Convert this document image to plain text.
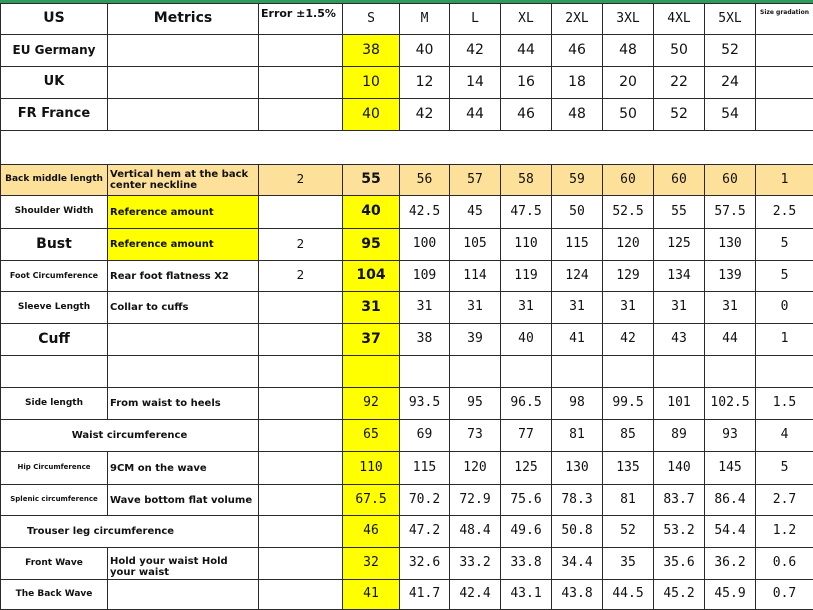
US	Metrics	Error ±1.5%	S	M	L	XL	2XL	3XL	4XL	5XL	Size gradation
EU Germany			38	40	42	44	46	48	50	52	
UK			10	12	14	16	18	20	22	24	
FR France			40	42	44	46	48	50	52	54	

Back middle length	Vertical hem at the back center neckline	2	55	56	57	58	59	60	60	60	1
Shoulder Width	Reference amount		40	42.5	45	47.5	50	52.5	55	57.5	2.5
Bust	Reference amount	2	95	100	105	110	115	120	125	130	5
Foot Circumference	Rear foot flatness X2	2	104	109	114	119	124	129	134	139	5
Sleeve Length	Collar to cuffs		31	31	31	31	31	31	31	31	0
Cuff			37	38	39	40	41	42	43	44	1

Side length	From waist to heels		92	93.5	95	96.5	98	99.5	101	102.5	1.5
Waist circumference			65	69	73	77	81	85	89	93	4
Hip Circumference	9CM on the wave		110	115	120	125	130	135	140	145	5
Splenic circumference	Wave bottom flat volume		67.5	70.2	72.9	75.6	78.3	81	83.7	86.4	2.7
Trouser leg circumference			46	47.2	48.4	49.6	50.8	52	53.2	54.4	1.2
Front Wave	Hold your waist Hold your waist		32	32.6	33.2	33.8	34.4	35	35.6	36.2	0.6
The Back Wave			41	41.7	42.4	43.1	43.8	44.5	45.2	45.9	0.7
